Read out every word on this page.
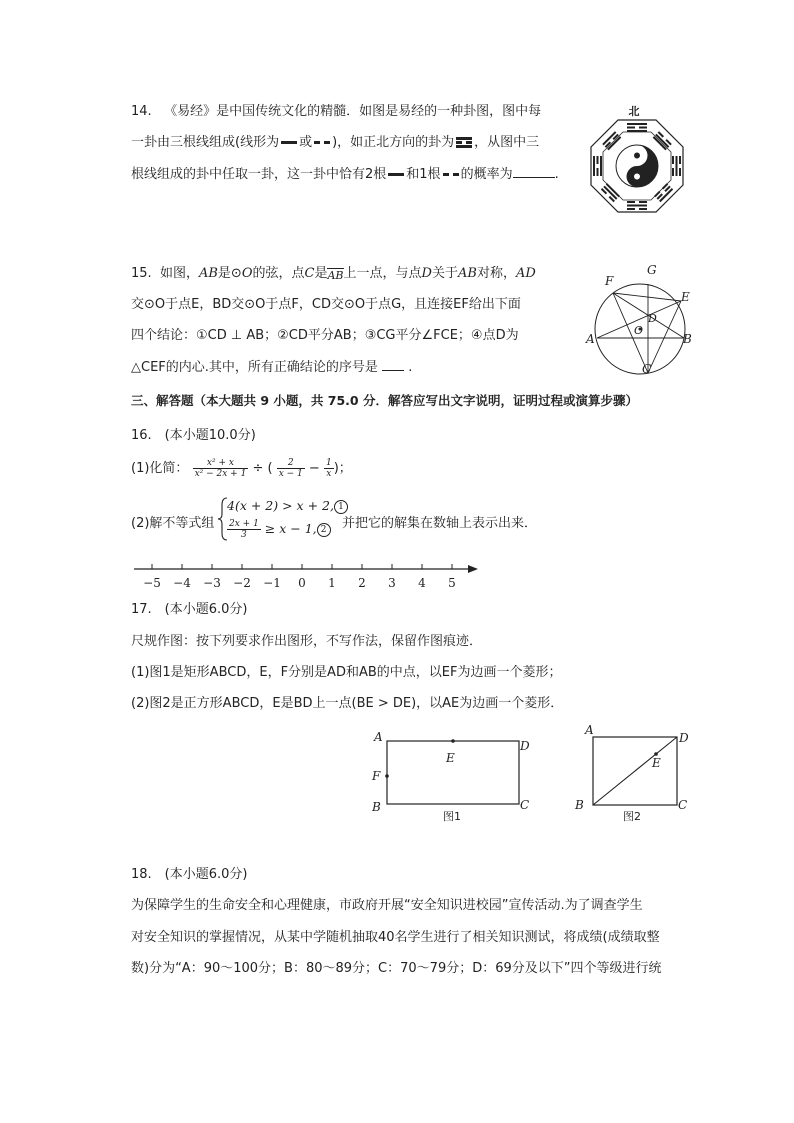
14. 《易经》是中国传统文化的精髓．如图是易经的一种卦图，图中每
一卦由三根线组成(线形为 或 )，如正北方向的卦为 ，从图中三
根线组成的卦中任取一卦，这一卦中恰有2根 和1根 的概率为	.
北
15. 如图，AB是⊙O的弦，点C是AB上一点，与点D关于AB对称，AD
交⊙O于点E，BD交⊙O于点F，CD交⊙O于点G，且连接EF给出下面
四个结论：①CD ⊥ AB；②CD平分AB；③CG平分∠FCE；④点D为
△CEF的内心.其中，所有正确结论的序号是 .
F
G
E
D
O
A	B
C
三、解答题（本大题共 9 小题，共 75.0 分．解答应写出文字说明，证明过程或演算步骤）
16.　(本小题10.0分)
(1)化简： $\frac{\text{x² + x}}{\text{x² − 2x + 1}}$ ÷ ( $\frac{2}{x - 1} - \frac{1}{x}$ )；
(2)解不等式组
4(x + 2) > x + 2, 1
$\frac{2x + 1}{3} \ge x - 1$, 2	并把它的解集在数轴上表示出来．
−5 −4 −3 −2 −1 0 1 2 3 4 5
17.　(本小题6.0分)
尺规作图：按下列要求作出图形，不写作法，保留作图痕迹．
(1)图1是矩形ABCD，E，F分别是AD和AB的中点，以EF为边画一个菱形；
(2)图2是正方形ABCD，E是BD上一点(BE > DE)，以AE为边画一个菱形．
A
D
E
F
B	C
图1
A
D
E
B	C
图2
18.　(本小题6.0分)
为保障学生的生命安全和心理健康，市政府开展“安全知识进校园”宣传活动.为了调查学生
对安全知识的掌握情况，从某中学随机抽取40名学生进行了相关知识测试，将成绩(成绩取整
数)分为“A：90～100分；B：80～89分；C：70～79分；D：69分及以下”四个等级进行统
